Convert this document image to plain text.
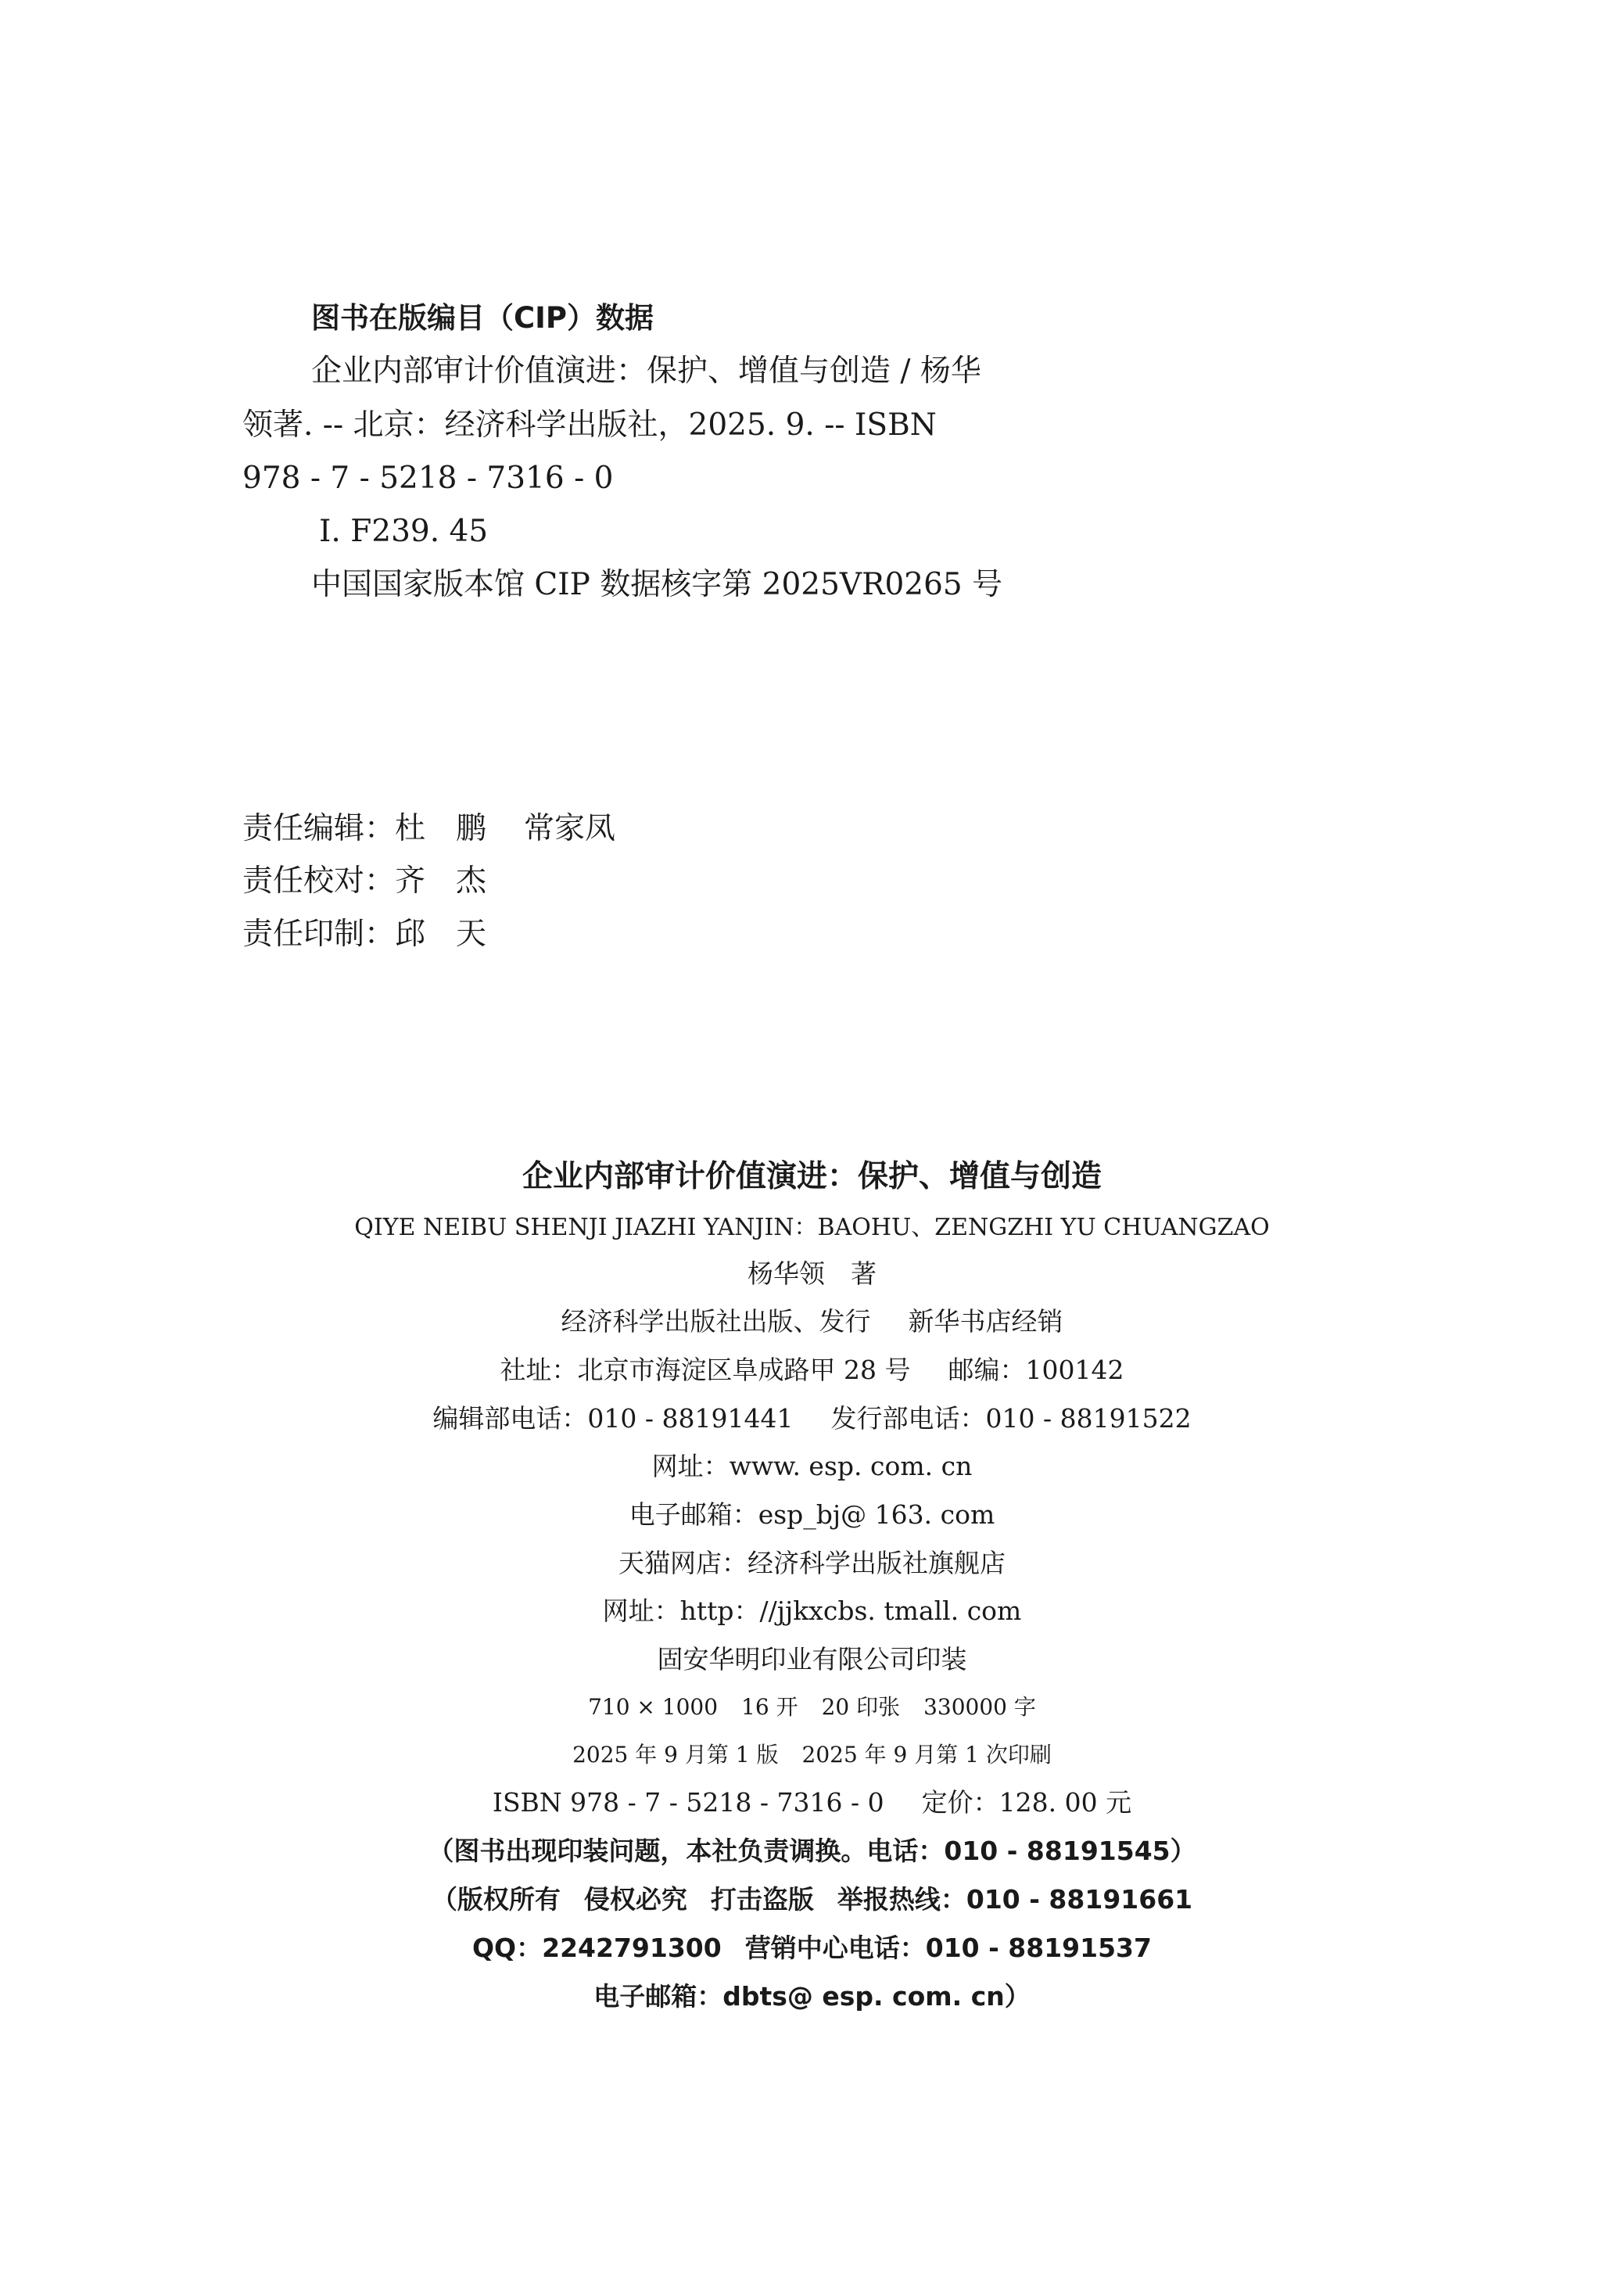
图书在版编目（CIP）数据
企业内部审计价值演进：保护、增值与创造 / 杨华
领著. -- 北京：经济科学出版社，2025. 9. -- ISBN
978 - 7 - 5218 - 7316 - 0
Ⅰ. F239. 45
中国国家版本馆 CIP 数据核字第 2025VR0265 号
责任编辑：杜　鹏 常家凤
责任校对：齐　杰
责任印制：邱　天
企业内部审计价值演进：保护、增值与创造
QIYE NEIBU SHENJI JIAZHI YANJIN：BAOHU、ZENGZHI YU CHUANGZAO
杨华领　著
经济科学出版社出版、发行 新华书店经销
社址：北京市海淀区阜成路甲 28 号 邮编：100142
编辑部电话：010 - 88191441 发行部电话：010 - 88191522
网址：www. esp. com. cn
电子邮箱：esp_bj@ 163. com
天猫网店：经济科学出版社旗舰店
网址：http：//jjkxcbs. tmall. com
固安华明印业有限公司印装
710 × 1000 16 开 20 印张 330000 字
2025 年 9 月第 1 版 2025 年 9 月第 1 次印刷
ISBN 978 - 7 - 5218 - 7316 - 0 定价：128. 00 元
（图书出现印装问题，本社负责调换。电话：010 - 88191545）
（版权所有 侵权必究 打击盗版 举报热线：010 - 88191661
QQ：2242791300 营销中心电话：010 - 88191537
电子邮箱：dbts@ esp. com. cn）
